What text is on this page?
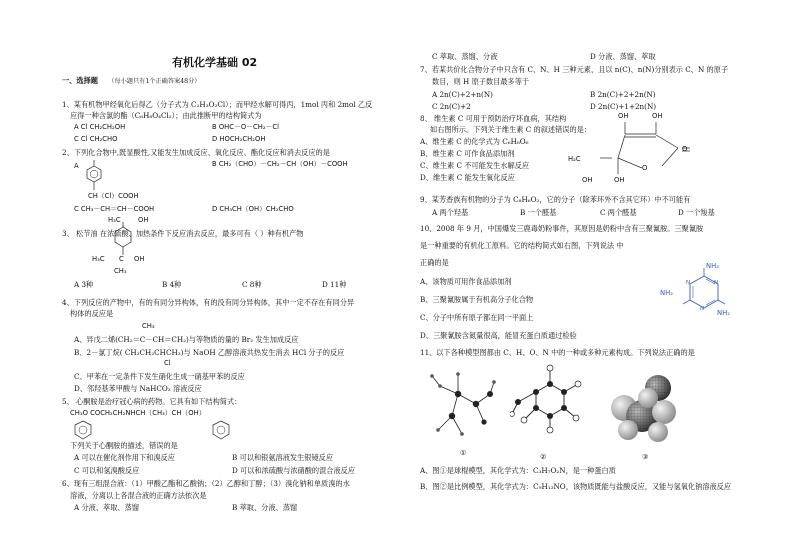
有机化学基础 02
一、选择题 （每小题只有1个正确答案48分）
1、某有机物甲经氧化后得乙（分子式为 C₂H₃O₂Cl）；而甲经水解可得丙，1mol 丙和 2mol 乙反
应得一种含氯的酯（C₆H₈O₄Cl₂）；由此推断甲的结构简式为
A Cl CH₂CH₂OH	B OHC－O－CH₂－Cl
C Cl CH₂CHO	D HOCH₂CH₂OH
2、下列化合物中,既显酸性,又能发生加成反应、氧化反应、酯化反应和消去反应的是
A	B CH₂（CHO）－CH₂－CH（OH）－COOH
CH（Cl）COOH
C CH₃－CH＝CH－COOH	D CH₃CH（OH）CH₂CHO
H₃C	OH
3、 松节油 在浓硫酸、加热条件下反应消去反应，最多可有（ ）种有机产物
H₃C C OH
CH₃
A 3种	B 4种	C 8种	D 11种
4、下列反应的产物中，有的有同分异构体，有的没有同分异构体，其中一定不存在有同分异
构体的反应是
CH₃
A、异戊二烯(CH₂＝C－CH＝CH₂)与等物质的量的 Br₂ 发生加成反应
B、2－氯丁烷( CH₃CH₂CHCH₃)与 NaOH 乙醇溶液共热发生消去 HCl 分子的反应
Cl
C、甲苯在一定条件下发生硝化生成一硝基甲苯的反应
D、邻羟基苯甲酸与 NaHCO₃ 溶液反应
5、 心酮胺是治疗冠心病的药物。它具有如下结构简式：
CH₃O COCH₂CH₂NHCH（CH₃）CH（OH）
下列关于心酮胺的描述，错误的是
A 可以在催化剂作用下和溴反应	B 可以和银氨溶液发生银镜反应
C 可以和氢溴酸反应	D 可以和浓硫酸与浓硝酸的混合液反应
6、现有三组混合液：（1）甲酸乙酯和乙酸钠；（2）乙醇和丁醇；（3）溴化钠和单质溴的水
溶液，分离以上各混合液的正确方法依次是
A 分液、萃取、蒸馏	B 萃取、分液、蒸馏
C 萃取、蒸馏、分液	D 分液、蒸馏、萃取
7、若某共价化合物分子中只含有 C、N、H 三种元素，且以 n(C)、n(N)分别表示 C、N 的原子
数目，则 H 原子数目最多等于
A 2n(C)+2+n(N)	B 2n(C)+2+2n(N)
C 2n(C)+2	D 2n(C)+1+2n(N)
8、 维生素 C 可用于预防治疗坏血病，其结构
如右图所示。下列关于维生素 C 的叙述错误的是：
A、维生素 C 的化学式为 C₆H₈O₆
B、维生素 C 可作食品添加剂
C、维生素 C 不可能发生水解反应
D、维生素 C 能发生氧化反应
OH	OH
O
O
H₂C
OH	OH
9、某芳香族有机物的分子为 C₈H₆O₂，它的分子（除苯环外不含其它环）中不可能有
A 两个羟基	B 一个醛基	C 两个醛基	D 一个羧基
10、2008 年 9 月，中国爆发三鹿毒奶粉事件，其原因是奶粉中含有三聚氰胺。三聚氰胺
是一种重要的有机化工原料。它的结构简式如右图，下列说法 中
正确的是
A、该物质可用作食品添加剂
B、三聚氰胺属于有机高分子化合物
C、分子中所有原子都在同一平面上
D、三聚氰胺含氮量很高，能冒充蛋白质通过检验
NH₂
NH₂
NH₂
N	N
N
11、以下各种模型图都由 C、H、O、N 中的一种或多种元素构成。下列说法正确的是
①	②	③
A、图①是球棍模型，其化学式为：C₃H₇O₂N，是一种蛋白质
B、图②是比例模型，其化学式为：C₉H₁₃NO，该物质既能与盐酸反应，又能与氢氧化钠溶液反应
